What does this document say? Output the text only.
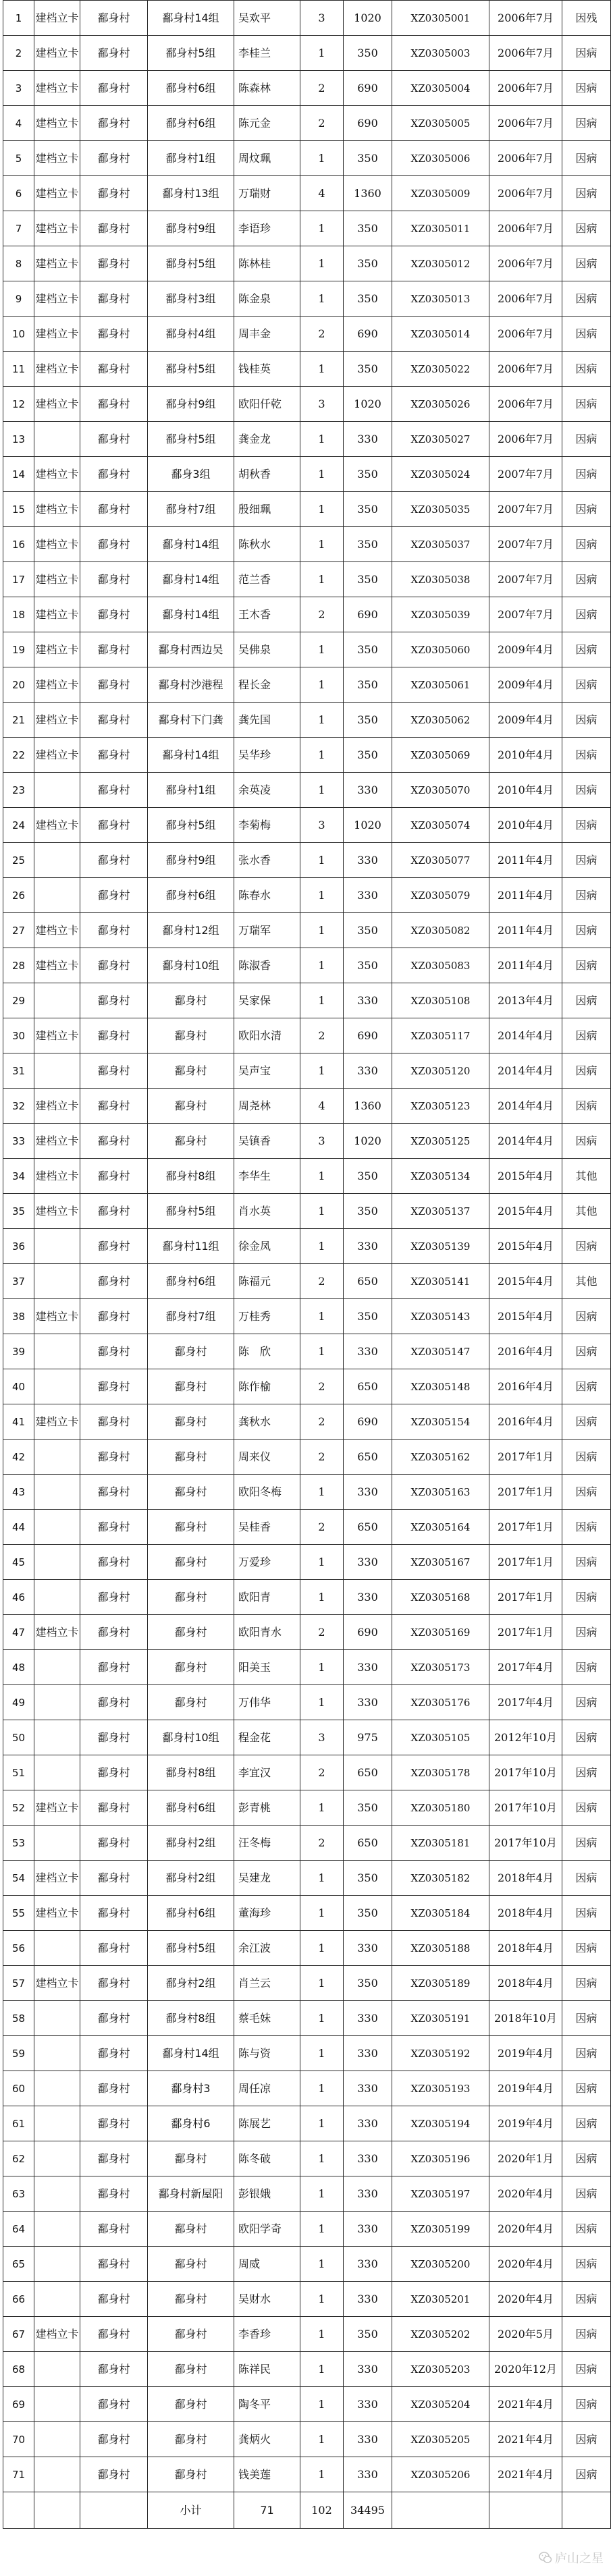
1	建档立卡	鄱身村	鄱身村14组	吴欢平	3	1020	XZ0305001	2006年7月	因残
2	建档立卡	鄱身村	鄱身村5组	李桂兰	1	350	XZ0305003	2006年7月	因病
3	建档立卡	鄱身村	鄱身村6组	陈森林	2	690	XZ0305004	2006年7月	因病
4	建档立卡	鄱身村	鄱身村6组	陈元金	2	690	XZ0305005	2006年7月	因病
5	建档立卡	鄱身村	鄱身村1组	周炆珮	1	350	XZ0305006	2006年7月	因病
6	建档立卡	鄱身村	鄱身村13组	万瑞财	4	1360	XZ0305009	2006年7月	因病
7	建档立卡	鄱身村	鄱身村9组	李语珍	1	350	XZ0305011	2006年7月	因病
8	建档立卡	鄱身村	鄱身村5组	陈林桂	1	350	XZ0305012	2006年7月	因病
9	建档立卡	鄱身村	鄱身村3组	陈金泉	1	350	XZ0305013	2006年7月	因病
10	建档立卡	鄱身村	鄱身村4组	周丰金	2	690	XZ0305014	2006年7月	因病
11	建档立卡	鄱身村	鄱身村5组	钱桂英	1	350	XZ0305022	2006年7月	因病
12	建档立卡	鄱身村	鄱身村9组	欧阳仟乾	3	1020	XZ0305026	2006年7月	因病
13		鄱身村	鄱身村5组	龚金龙	1	330	XZ0305027	2006年7月	因病
14	建档立卡	鄱身村	鄱身3组	胡秋香	1	350	XZ0305024	2007年7月	因病
15	建档立卡	鄱身村	鄱身村7组	殷细珮	1	350	XZ0305035	2007年7月	因病
16	建档立卡	鄱身村	鄱身村14组	陈秋水	1	350	XZ0305037	2007年7月	因病
17	建档立卡	鄱身村	鄱身村14组	范兰香	1	350	XZ0305038	2007年7月	因病
18	建档立卡	鄱身村	鄱身村14组	王木香	2	690	XZ0305039	2007年7月	因病
19	建档立卡	鄱身村	鄱身村西边吴	吴佛泉	1	350	XZ0305060	2009年4月	因病
20	建档立卡	鄱身村	鄱身村沙港程	程长金	1	350	XZ0305061	2009年4月	因病
21	建档立卡	鄱身村	鄱身村下门龚	龚先国	1	350	XZ0305062	2009年4月	因病
22	建档立卡	鄱身村	鄱身村14组	吴华珍	1	350	XZ0305069	2010年4月	因病
23		鄱身村	鄱身村1组	余英凌	1	330	XZ0305070	2010年4月	因病
24	建档立卡	鄱身村	鄱身村5组	李菊梅	3	1020	XZ0305074	2010年4月	因病
25		鄱身村	鄱身村9组	张水香	1	330	XZ0305077	2011年4月	因病
26		鄱身村	鄱身村6组	陈春水	1	330	XZ0305079	2011年4月	因病
27	建档立卡	鄱身村	鄱身村12组	万瑞军	1	350	XZ0305082	2011年4月	因病
28	建档立卡	鄱身村	鄱身村10组	陈淑香	1	350	XZ0305083	2011年4月	因病
29		鄱身村	鄱身村	吴家保	1	330	XZ0305108	2013年4月	因病
30	建档立卡	鄱身村	鄱身村	欧阳水清	2	690	XZ0305117	2014年4月	因病
31		鄱身村	鄱身村	吴声宝	1	330	XZ0305120	2014年4月	因病
32	建档立卡	鄱身村	鄱身村	周尧林	4	1360	XZ0305123	2014年4月	因病
33	建档立卡	鄱身村	鄱身村	吴镇香	3	1020	XZ0305125	2014年4月	因病
34	建档立卡	鄱身村	鄱身村8组	李华生	1	350	XZ0305134	2015年4月	其他
35	建档立卡	鄱身村	鄱身村5组	肖水英	1	350	XZ0305137	2015年4月	其他
36		鄱身村	鄱身村11组	徐金凤	1	330	XZ0305139	2015年4月	因病
37		鄱身村	鄱身村6组	陈福元	2	650	XZ0305141	2015年4月	其他
38	建档立卡	鄱身村	鄱身村7组	万桂秀	1	350	XZ0305143	2015年4月	因病
39		鄱身村	鄱身村	陈　欣	1	330	XZ0305147	2016年4月	因病
40		鄱身村	鄱身村	陈作榆	2	650	XZ0305148	2016年4月	因病
41	建档立卡	鄱身村	鄱身村	龚秋水	2	690	XZ0305154	2016年4月	因病
42		鄱身村	鄱身村	周来仪	2	650	XZ0305162	2017年1月	因病
43		鄱身村	鄱身村	欧阳冬梅	1	330	XZ0305163	2017年1月	因病
44		鄱身村	鄱身村	吴桂香	2	650	XZ0305164	2017年1月	因病
45		鄱身村	鄱身村	万爱珍	1	330	XZ0305167	2017年1月	因病
46		鄱身村	鄱身村	欧阳青	1	330	XZ0305168	2017年1月	因病
47	建档立卡	鄱身村	鄱身村	欧阳青水	2	690	XZ0305169	2017年1月	因病
48		鄱身村	鄱身村	阳美玉	1	330	XZ0305173	2017年4月	因病
49		鄱身村	鄱身村	万伟华	1	330	XZ0305176	2017年4月	因病
50		鄱身村	鄱身村10组	程金花	3	975	XZ0305105	2012年10月	因病
51		鄱身村	鄱身村8组	李宜汉	2	650	XZ0305178	2017年10月	因病
52	建档立卡	鄱身村	鄱身村6组	彭青桃	1	350	XZ0305180	2017年10月	因病
53		鄱身村	鄱身村2组	汪冬梅	2	650	XZ0305181	2017年10月	因病
54	建档立卡	鄱身村	鄱身村2组	吴建龙	1	350	XZ0305182	2018年4月	因病
55	建档立卡	鄱身村	鄱身村6组	董海珍	1	350	XZ0305184	2018年4月	因病
56		鄱身村	鄱身村5组	余江波	1	330	XZ0305188	2018年4月	因病
57	建档立卡	鄱身村	鄱身村2组	肖兰云	1	350	XZ0305189	2018年4月	因病
58		鄱身村	鄱身村8组	蔡毛妹	1	330	XZ0305191	2018年10月	因病
59		鄱身村	鄱身村14组	陈与资	1	330	XZ0305192	2019年4月	因病
60		鄱身村	鄱身村3	周任凉	1	330	XZ0305193	2019年4月	因病
61		鄱身村	鄱身村6	陈展艺	1	330	XZ0305194	2019年4月	因病
62		鄱身村	鄱身村	陈冬破	1	330	XZ0305196	2020年1月	因病
63		鄱身村	鄱身村新屋阳	彭银娥	1	330	XZ0305197	2020年4月	因病
64		鄱身村	鄱身村	欧阳学奇	1	330	XZ0305199	2020年4月	因病
65		鄱身村	鄱身村	周威	1	330	XZ0305200	2020年4月	因病
66		鄱身村	鄱身村	吴财水	1	330	XZ0305201	2020年4月	因病
67	建档立卡	鄱身村	鄱身村	李香珍	1	350	XZ0305202	2020年5月	因病
68		鄱身村	鄱身村	陈祥民	1	330	XZ0305203	2020年12月	因病
69		鄱身村	鄱身村	陶冬平	1	330	XZ0305204	2021年4月	因病
70		鄱身村	鄱身村	龚炳火	1	330	XZ0305205	2021年4月	因病
71		鄱身村	鄱身村	钱美莲	1	330	XZ0305206	2021年4月	因病
			小计	71	102	34495			
庐山之星
